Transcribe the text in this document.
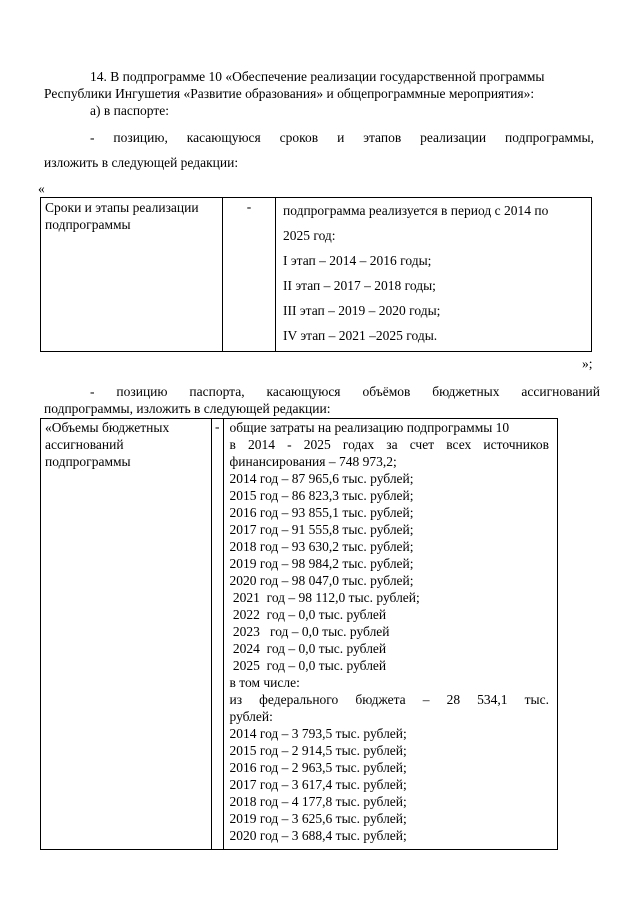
14. В подпрограмме 10 «Обеспечение реализации государственной программы
Республики Ингушетия «Развитие образования» и общепрограммные мероприятия»:
а) в паспорте:
- позицию, касающуюся сроков и этапов реализации подпрограммы,
изложить в следующей редакции:
«
Сроки и этапы реализации подпрограммы	-	подпрограмма реализуется в период с 2014 по
2025 год:
I этап – 2014 – 2016 годы;
II этап – 2017 – 2018 годы;
III этап – 2019 – 2020 годы;
IV этап – 2021 –2025 годы.
»;
- позицию паспорта, касающуюся объёмов бюджетных ассигнований
подпрограммы, изложить в следующей редакции:
«Объемы бюджетных ассигнований подпрограммы	-	общие затраты на реализацию подпрограммы 10
в 2014 - 2025 годах за счет всех источников
финансирования – 748 973,2;
2014 год – 87 965,6 тыс. рублей;
2015 год – 86 823,3 тыс. рублей;
2016 год – 93 855,1 тыс. рублей;
2017 год – 91 555,8 тыс. рублей;
2018 год – 93 630,2 тыс. рублей;
2019 год – 98 984,2 тыс. рублей;
2020 год – 98 047,0 тыс. рублей;
2021  год – 98 112,0 тыс. рублей;
2022  год – 0,0 тыс. рублей
2023   год – 0,0 тыс. рублей
2024  год – 0,0 тыс. рублей
2025  год – 0,0 тыс. рублей
в том числе:
из федерального бюджета – 28 534,1 тыс.
рублей:
2014 год – 3 793,5 тыс. рублей;
2015 год – 2 914,5 тыс. рублей;
2016 год – 2 963,5 тыс. рублей;
2017 год – 3 617,4 тыс. рублей;
2018 год – 4 177,8 тыс. рублей;
2019 год – 3 625,6 тыс. рублей;
2020 год – 3 688,4 тыс. рублей;
